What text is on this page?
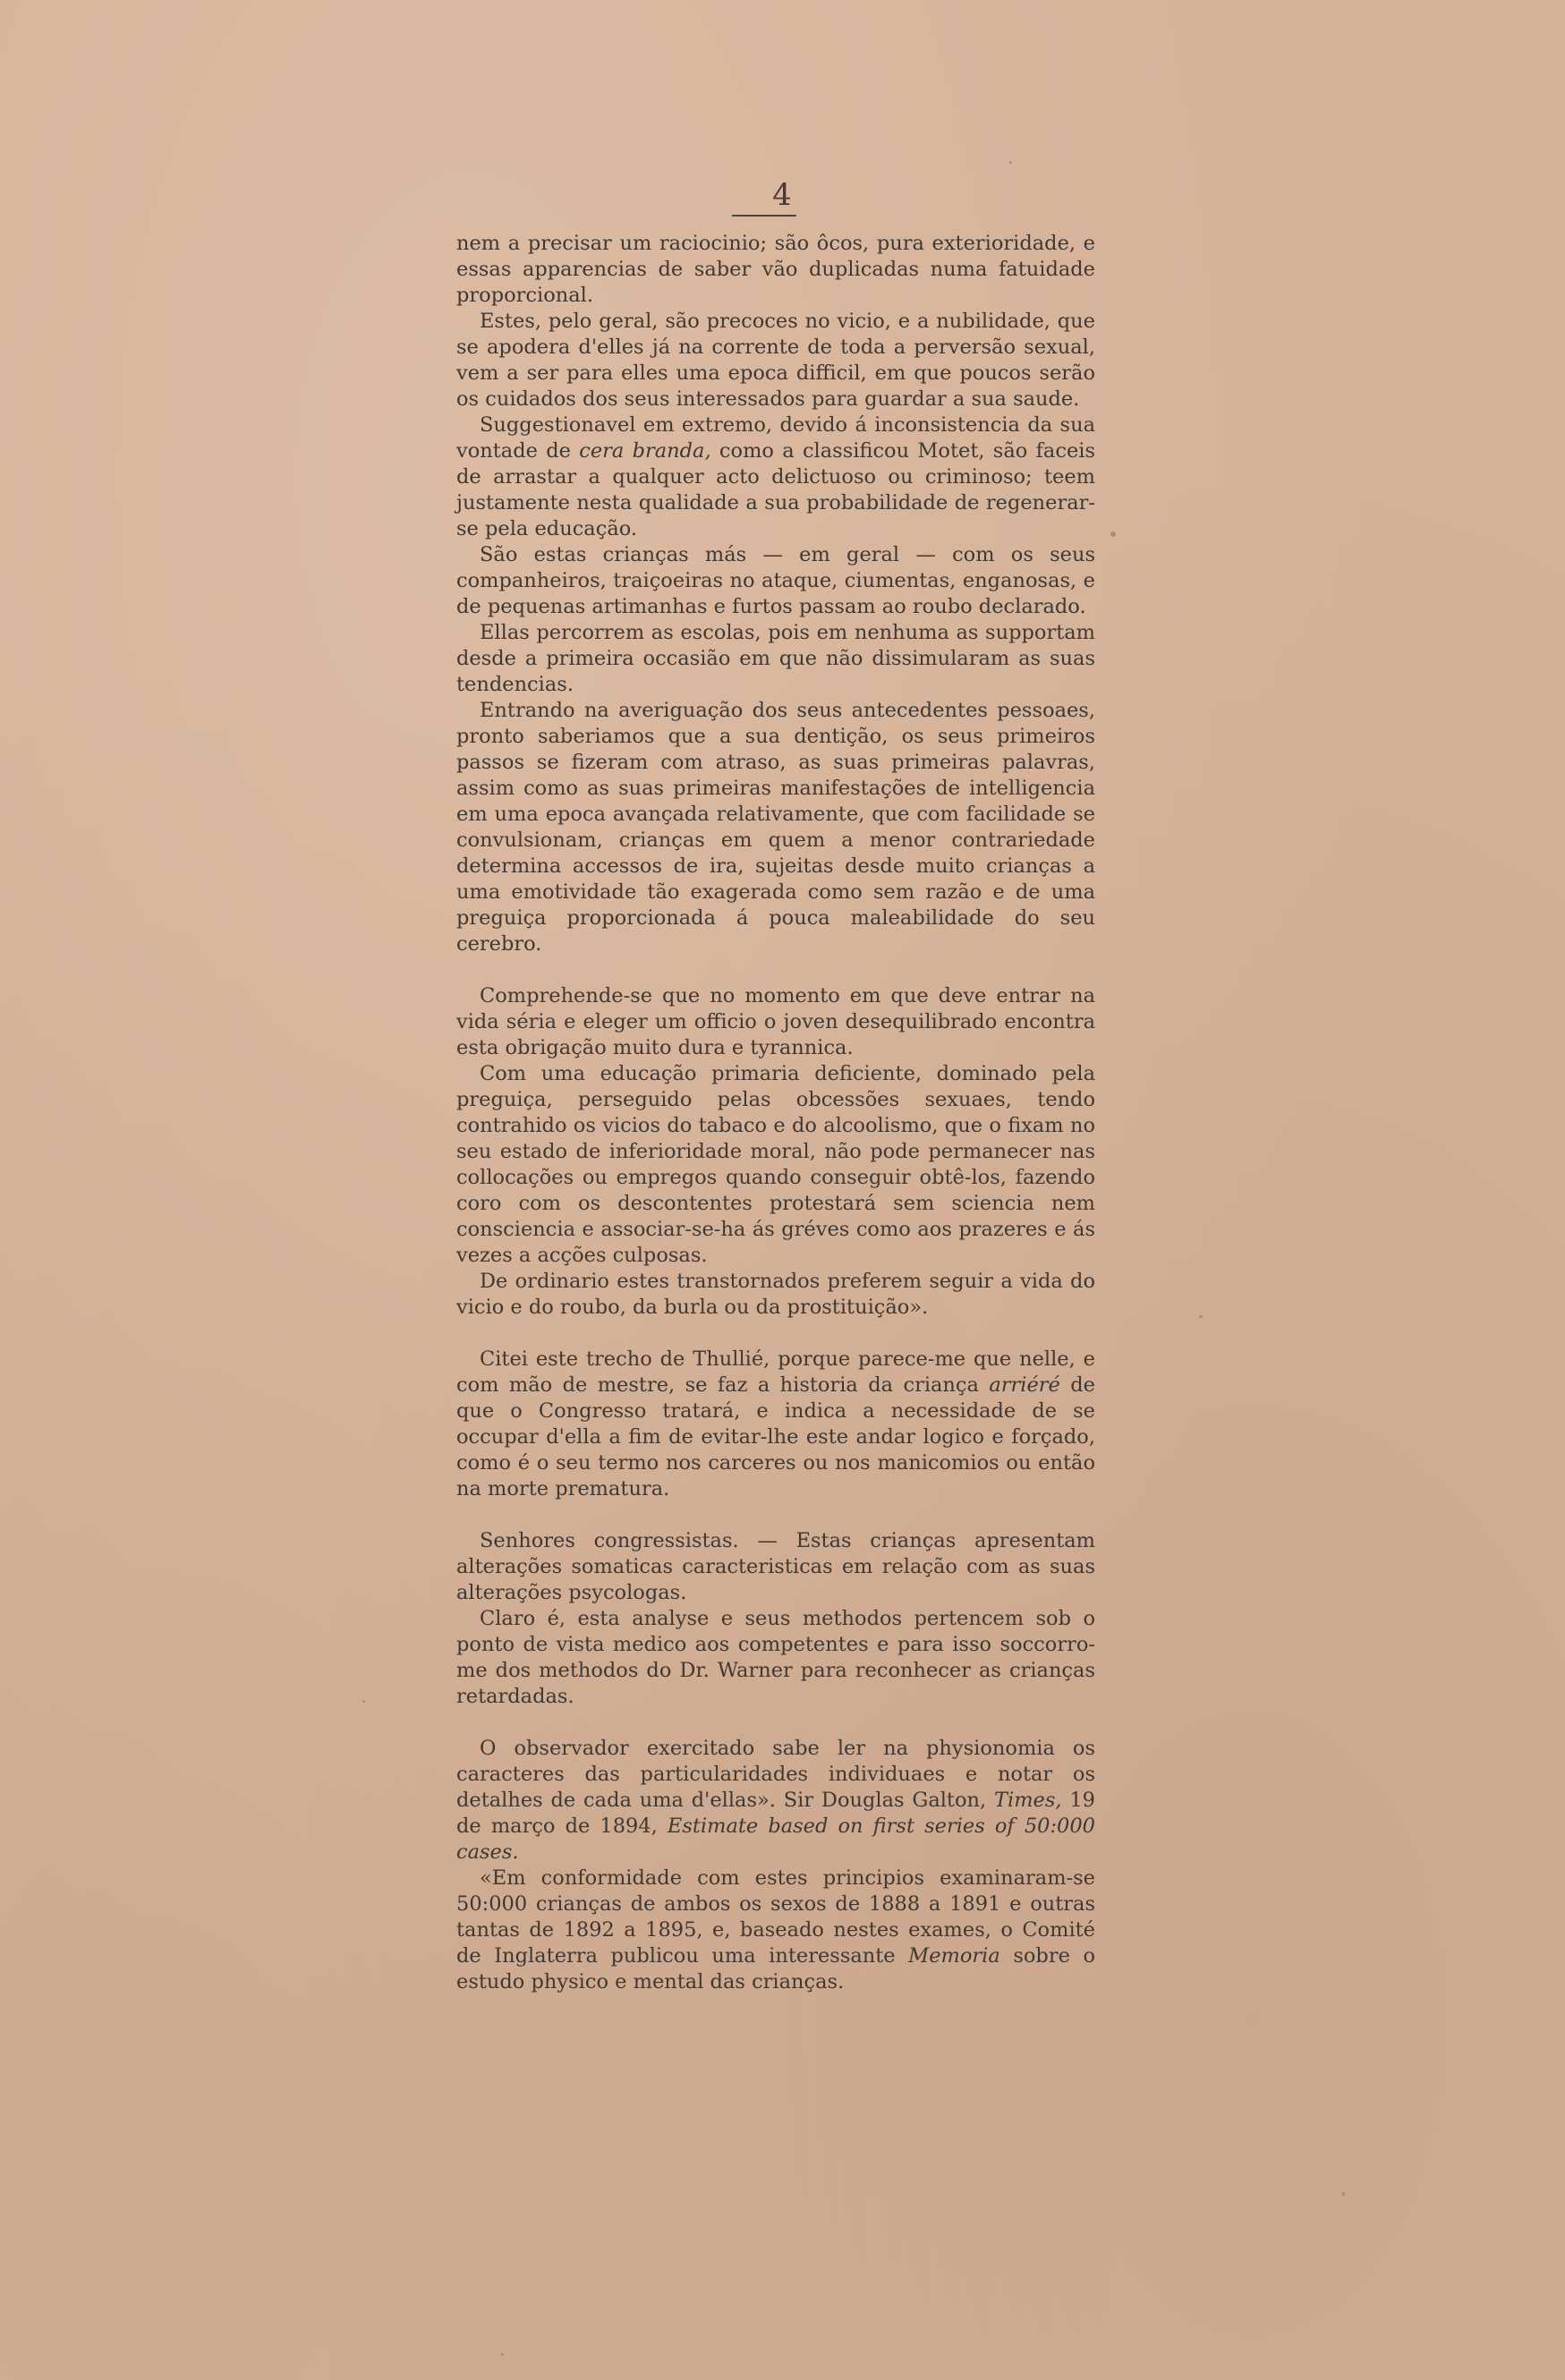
4

nem a precisar um raciocinio; são ôcos, pura exterioridade, e essas apparencias de saber vão duplicadas numa fatuidade proporcional.

Estes, pelo geral, são precoces no vicio, e a nubilidade, que se apodera d'elles já na corrente de toda a perversão sexual, vem a ser para elles uma epoca difficil, em que poucos serão os cuidados dos seus interessados para guardar a sua saude.

Suggestionavel em extremo, devido á inconsistencia da sua vontade de cera branda, como a classificou Motet, são faceis de arrastar a qualquer acto delictuoso ou criminoso; teem justamente nesta qualidade a sua probabilidade de regenerar-se pela educação.

São estas crianças más — em geral — com os seus companheiros, traiçoeiras no ataque, ciumentas, enganosas, e de pequenas artimanhas e furtos passam ao roubo declarado.

Ellas percorrem as escolas, pois em nenhuma as supportam desde a primeira occasião em que não dissimularam as suas tendencias.

Entrando na averiguação dos seus antecedentes pessoaes, pronto saberiamos que a sua dentição, os seus primeiros passos se fizeram com atraso, as suas primeiras palavras, assim como as suas primeiras manifestações de intelligencia em uma epoca avançada relativamente, que com facilidade se convulsionam, crianças em quem a menor contrariedade determina accessos de ira, sujeitas desde muito crianças a uma emotividade tão exagerada como sem razão e de uma preguiça proporcionada á pouca maleabilidade do seu cerebro.

Comprehende-se que no momento em que deve entrar na vida séria e eleger um officio o joven desequilibrado encontra esta obrigação muito dura e tyrannica.

Com uma educação primaria deficiente, dominado pela preguiça, perseguido pelas obcessões sexuaes, tendo contrahido os vicios do tabaco e do alcoolismo, que o fixam no seu estado de inferioridade moral, não pode permanecer nas collocações ou empregos quando conseguir obtê-los, fazendo coro com os descontentes protestará sem sciencia nem consciencia e associar-se-ha ás gréves como aos prazeres e ás vezes a acções culposas.

De ordinario estes transtornados preferem seguir a vida do vicio e do roubo, da burla ou da prostituição».

Citei este trecho de Thullié, porque parece-me que nelle, e com mão de mestre, se faz a historia da criança arriéré de que o Congresso tratará, e indica a necessidade de se occupar d'ella a fim de evitar-lhe este andar logico e forçado, como é o seu termo nos carceres ou nos manicomios ou então na morte prematura.

Senhores congressistas. — Estas crianças apresentam alterações somaticas caracteristicas em relação com as suas alterações psycologas.

Claro é, esta analyse e seus methodos pertencem sob o ponto de vista medico aos competentes e para isso soccorro-me dos methodos do Dr. Warner para reconhecer as crianças retardadas.

O observador exercitado sabe ler na physionomia os caracteres das particularidades individuaes e notar os detalhes de cada uma d'ellas». Sir Douglas Galton, Times, 19 de março de 1894, Estimate based on first series of 50:000 cases.

«Em conformidade com estes principios examinaram-se 50:000 crianças de ambos os sexos de 1888 a 1891 e outras tantas de 1892 a 1895, e, baseado nestes exames, o Comité de Inglaterra publicou uma interessante Memoria sobre o estudo physico e mental das crianças.
